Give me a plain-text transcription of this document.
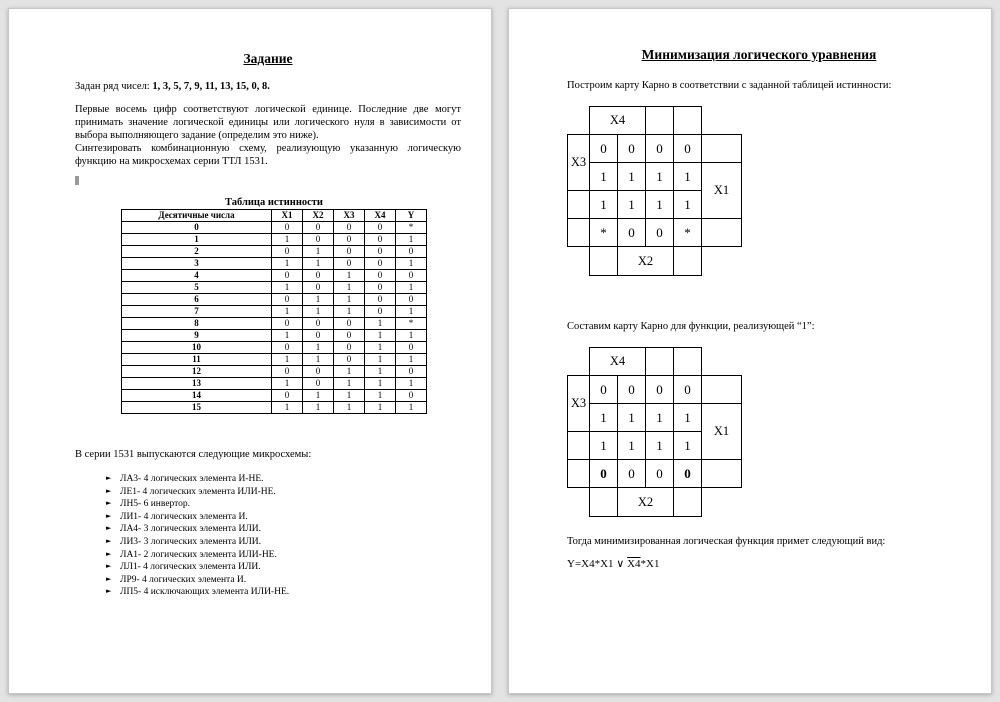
Задание

Задан ряд чисел: 1, 3, 5, 7, 9, 11, 13, 15, 0, 8.

Первые восемь цифр соответствуют логической единице. Последние две могут принимать значение логической единицы или логического нуля в зависимости от выбора выполняющего задание (определим это ниже).

Синтезировать комбинационную схему, реализующую указанную логическую функцию на микросхемах серии ТТЛ 1531.

Таблица истинности
Десятичные числа	X1	X2	X3	X4	Y
0	0	0	0	0	*
1	1	0	0	0	1
2	0	1	0	0	0
3	1	1	0	0	1
4	0	0	1	0	0
5	1	0	1	0	1
6	0	1	1	0	0
7	1	1	1	0	1
8	0	0	0	1	*
9	1	0	0	1	1
10	0	1	0	1	0
11	1	1	0	1	1
12	0	0	1	1	0
13	1	0	1	1	1
14	0	1	1	1	0
15	1	1	1	1	1

В серии 1531 выпускаются следующие микросхемы:

► ЛА3- 4 логических элемента И-НЕ.
► ЛЕ1- 4 логических элемента ИЛИ-НЕ.
► ЛН5- 6 инвертор.
► ЛИ1- 4 логических элемента И.
► ЛА4- 3 логических элемента ИЛИ.
► ЛИ3- 3 логических элемента ИЛИ.
► ЛА1- 2 логических элемента ИЛИ-НЕ.
► ЛЛ1- 4 логических элемента ИЛИ.
► ЛР9- 4 логических элемента И.
► ЛП5- 4 исключающих элемента ИЛИ-НЕ.
Минимизация логического уравнения

Построим карту Карно в соответствии с заданной таблицей истинности:

	X4				
X3	0	0	0	0	
	1	1	1	1	X1
	1	1	1	1	
	*	0	0	*	
		X2			

Составим карту Карно для функции, реализующей “1”:

	X4				
X3	0	0	0	0	
	1	1	1	1	X1
	1	1	1	1	
	0	0	0	0	
		X2			

Тогда минимизированная логическая функция примет следующий вид:

Y=X4*X1 ∨ X4*X1
